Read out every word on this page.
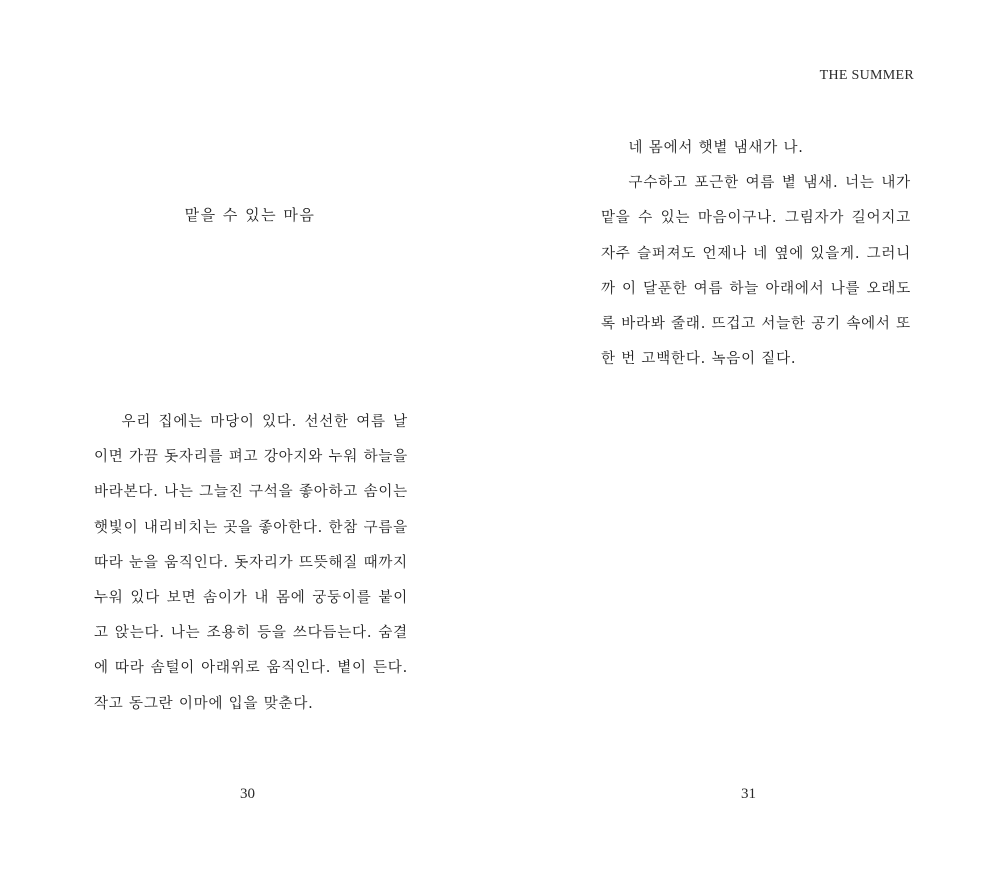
맡을 수 있는 마음

우리 집에는 마당이 있다. 선선한 여름 날이면 가끔 돗자리를 펴고 강아지와 누워 하늘을 바라본다. 나는 그늘진 구석을 좋아하고 솜이는 햇빛이 내리비치는 곳을 좋아한다. 한참 구름을 따라 눈을 움직인다. 돗자리가 뜨뜻해질 때까지 누워 있다 보면 솜이가 내 몸에 궁둥이를 붙이고 앉는다. 나는 조용히 등을 쓰다듬는다. 숨결에 따라 솜털이 아래위로 움직인다. 볕이 든다. 작고 동그란 이마에 입을 맞춘다.

30
THE SUMMER

네 몸에서 햇볕 냄새가 나.

구수하고 포근한 여름 볕 냄새. 너는 내가 맡을 수 있는 마음이구나. 그림자가 길어지고 자주 슬퍼져도 언제나 네 옆에 있을게. 그러니까 이 달푼한 여름 하늘 아래에서 나를 오래도록 바라봐 줄래. 뜨겁고 서늘한 공기 속에서 또 한 번 고백한다. 녹음이 짙다.

31
